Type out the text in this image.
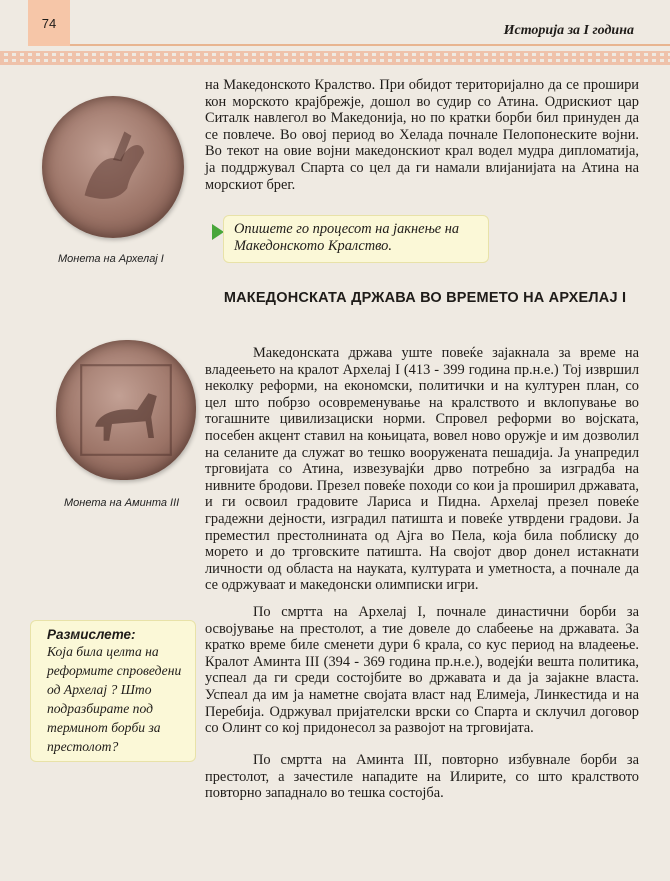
74	Историја за I година
Монета на Архелај I
Монета на Аминта III

на Македонското Кралство. При обидот територијално да се прошири кон морското крајбрежје, дошол во судир со Атина. Одрискиот цар Ситалк навлегол во Македонија, но по кратки борби бил принуден да се повлече. Во овој период во Хелада почнале Пелопонеските војни. Во текот на овие војни македонскиот крал водел мудра дипломатија, ја поддржувал Спарта со цел да ги намали влијанијата на Атина на морскиот брег.

Опишете го процесот на јакнење на Македонското Кралство.

МАКЕДОНСКАТА ДРЖАВА ВО ВРЕМЕТО НА АРХЕЛАЈ I

Македонската држава уште повеќе зајакнала за време на владеењето на кралот Архелај I (413 - 399 година пр.н.е.) Тој извршил неколку реформи, на економски, политички и на културен план, со цел што побрзо осовременување на кралството и вклопување во тогашните цивилизациски норми. Спровел реформи во војската, посебен акцент ставил на коњицата, вовел ново оружје и им дозволил на селаните да служат во тешко вооружената пешадија. Ја унапредил трговијата со Атина, извезувајќи дрво потребно за изградба на нивните бродови. Презел повеќе походи со кои ја проширил државата, и ги освоил градовите Лариса и Пидна. Архелај презел повеќе градежни дејности, изградил патишта и повеќе утврдени градови. Ја преместил престолнината од Ајга во Пела, која била поблиску до морето и до трговските патишта. На својот двор донел истакнати личности од областа на науката, културата и уметноста, а почнале да се одржуваат и македонски олимписки игри.

По смртта на Архелај I, почнале династични борби за освојување на престолот, а тие довеле до слабеење на државата. За кратко време биле сменети дури 6 крала, со кус период на владеење. Кралот Аминта III (394 - 369 година пр.н.е.), водејќи вешта политика, успеал да ги среди состојбите во државата и да ја зајакне власта. Успеал да им ја наметне својата власт над Елимеја, Линкестида и на Перебија. Одржувал пријателски врски со Спарта и склучил договор со Олинт со кој придонесол за развојот на трговијата.

По смртта на Аминта III, повторно избувнале борби за престолот, а зачестиле нападите на Илирите, со што кралството повторно западнало во тешка состојба.

Размислете:

Која била целта на реформите спроведени од Архелај ? Што подразбирате под терминот борби за престолот?
